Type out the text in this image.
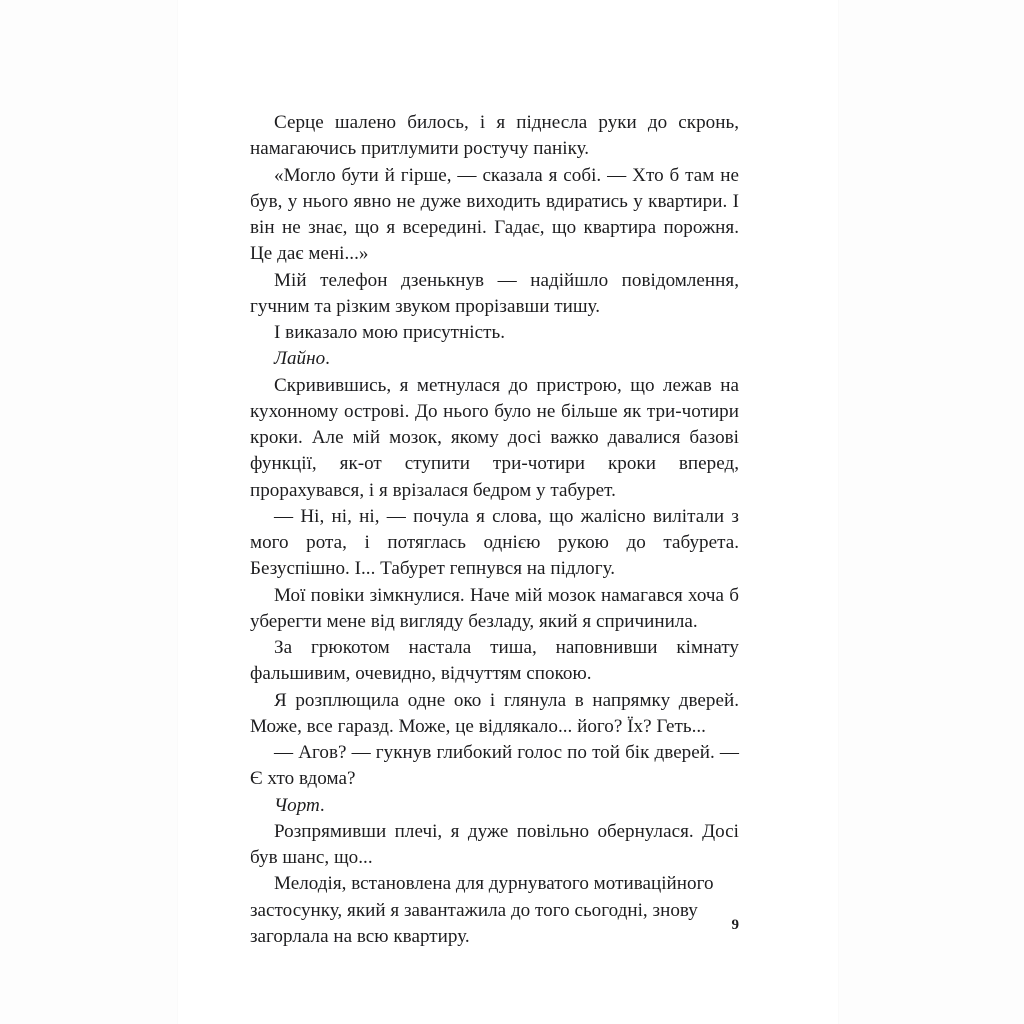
Серце шалено билось, і я піднесла руки до скронь, намагаючись притлумити ростучу паніку.

«Могло бути й гірше, — сказала я собі. — Хто б там не був, у нього явно не дуже виходить вдиратись у квартири. І він не знає, що я всередині. Гадає, що квартира порожня. Це дає мені...»

Мій телефон дзенькнув — надійшло повідомлення, гучним та різким звуком прорізавши тишу.

І виказало мою присутність.

Лайно.

Скривившись, я метнулася до пристрою, що лежав на кухонному острові. До нього було не більше як три-чотири кроки. Але мій мозок, якому досі важко давалися базові функції, як-от ступити три-чотири кроки вперед, прорахувався, і я врізалася бедром у табурет.

— Ні, ні, ні, — почула я слова, що жалісно вилітали з мого рота, і потяглась однією рукою до табурета. Безуспішно. І... Табурет гепнувся на підлогу.

Мої повіки зімкнулися. Наче мій мозок намагався хоча б уберегти мене від вигляду безладу, який я спричинила.

За грюкотом настала тиша, наповнивши кімнату фальшивим, очевидно, відчуттям спокою.

Я розплющила одне око і глянула в напрямку дверей. Може, все гаразд. Може, це відлякало... його? Їх? Геть...

— Агов? — гукнув глибокий голос по той бік дверей. — Є хто вдома?

Чорт.

Розпрямивши плечі, я дуже повільно обернулася. Досі був шанс, що...

Мелодія, встановлена для дурнуватого мотиваційного застосунку, який я завантажила до того сьогодні, знову загорлала на всю квартиру.

9
